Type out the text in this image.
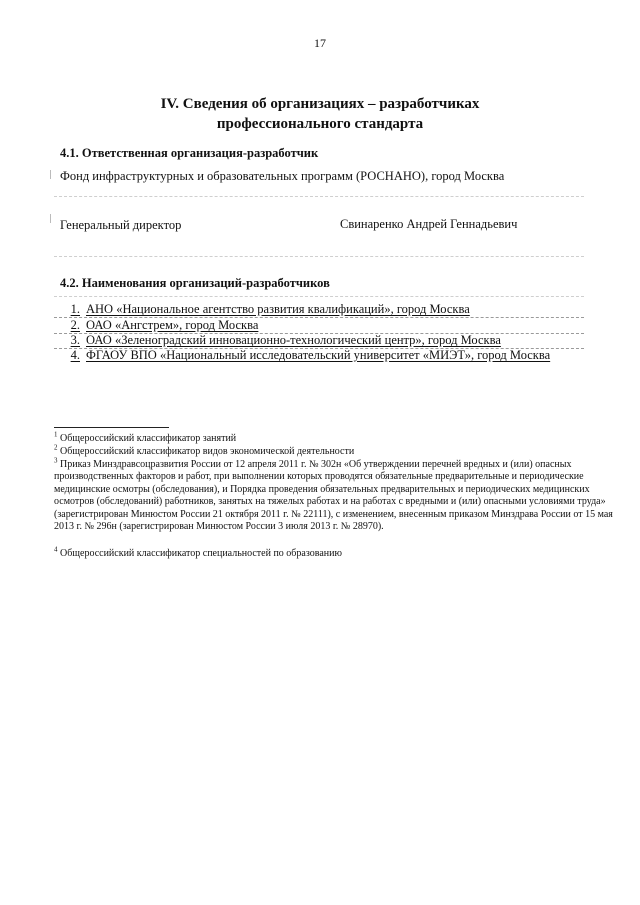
17
IV. Сведения об организациях – разработчиках
профессионального стандарта
4.1. Ответственная организация-разработчик
Фонд инфраструктурных и образовательных программ (РОСНАНО), город Москва
Генеральный директор	Свинаренко Андрей Геннадьевич
4.2. Наименования организаций-разработчиков
1. АНО «Национальное агентство развития квалификаций», город Москва
2. ОАО «Ангстрем», город Москва
3. ОАО «Зеленоградский инновационно-технологический центр», город Москва
4. ФГАОУ ВПО «Национальный исследовательский университет «МИЭТ», город Москва
$^1$ Общероссийский классификатор занятий
$^2$ Общероссийский классификатор видов экономической деятельности
$^3$ Приказ Минздравсоцразвития России от 12 апреля 2011 г. № 302н «Об утверждении перечней вредных и (или) опасных производственных факторов и работ, при выполнении которых проводятся обязательные предварительные и периодические медицинские осмотры (обследования), и Порядка проведения обязательных предварительных и периодических медицинских осмотров (обследований) работников, занятых на тяжелых работах и на работах с вредными и (или) опасными условиями труда» (зарегистрирован Минюстом России 21 октября 2011 г. № 22111), с изменением, внесенным приказом Минздрава России от 15 мая 2013 г. № 296н (зарегистрирован Минюстом России 3 июля 2013 г. № 28970).
$^4$ Общероссийский классификатор специальностей по образованию
